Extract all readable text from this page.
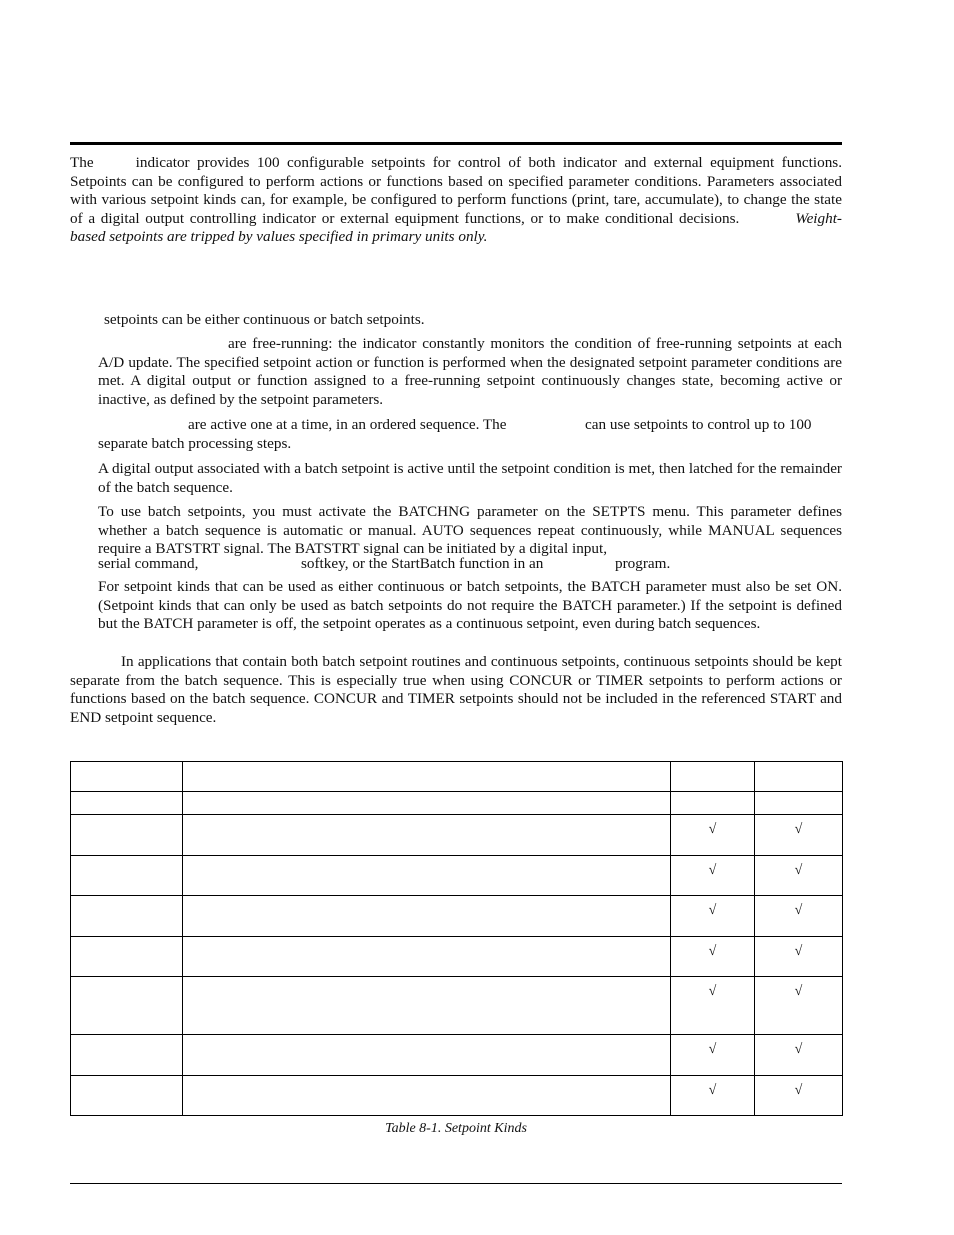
The	indicator provides 100 configurable setpoints for control of both indicator and external equipment functions. Setpoints can be configured to perform actions or functions based on specified parameter conditions. Parameters associated with various setpoint kinds can, for example, be configured to perform functions (print, tare, accumulate), to change the state of a digital output controlling indicator or external equipment functions, or to make conditional decisions.	Weight-based setpoints are tripped by values specified in primary units only.

setpoints can be either continuous or batch setpoints.

are free-running: the indicator constantly monitors the condition of free-running setpoints at each A/D update. The specified setpoint action or function is performed when the designated setpoint parameter conditions are met. A digital output or function assigned to a free-running setpoint continuously changes state, becoming active or inactive, as defined by the setpoint parameters.

are active one at a time, in an ordered sequence. The	can use setpoints to control up to 100

separate batch processing steps.

A digital output associated with a batch setpoint is active until the setpoint condition is met, then latched for the remainder of the batch sequence.

To use batch setpoints, you must activate the BATCHNG parameter on the SETPTS menu. This parameter defines whether a batch sequence is automatic or manual. AUTO sequences repeat continuously, while MANUAL sequences require a BATSTRT signal. The BATSTRT signal can be initiated by a digital input,

serial command,	softkey, or the StartBatch function in an	program.

For setpoint kinds that can be used as either continuous or batch setpoints, the BATCH parameter must also be set ON. (Setpoint kinds that can only be used as batch setpoints do not require the BATCH parameter.) If the setpoint is defined but the BATCH parameter is off, the setpoint operates as a continuous setpoint, even during batch sequences.

In applications that contain both batch setpoint routines and continuous setpoints, continuous setpoints should be kept separate from the batch sequence. This is especially true when using CONCUR or TIMER setpoints to perform actions or functions based on the batch sequence. CONCUR and TIMER setpoints should not be included in the referenced START and END setpoint sequence.

		√	√
		√	√
		√	√
		√	√
		√	√
		√	√
		√	√
Table 8-1. Setpoint Kinds
